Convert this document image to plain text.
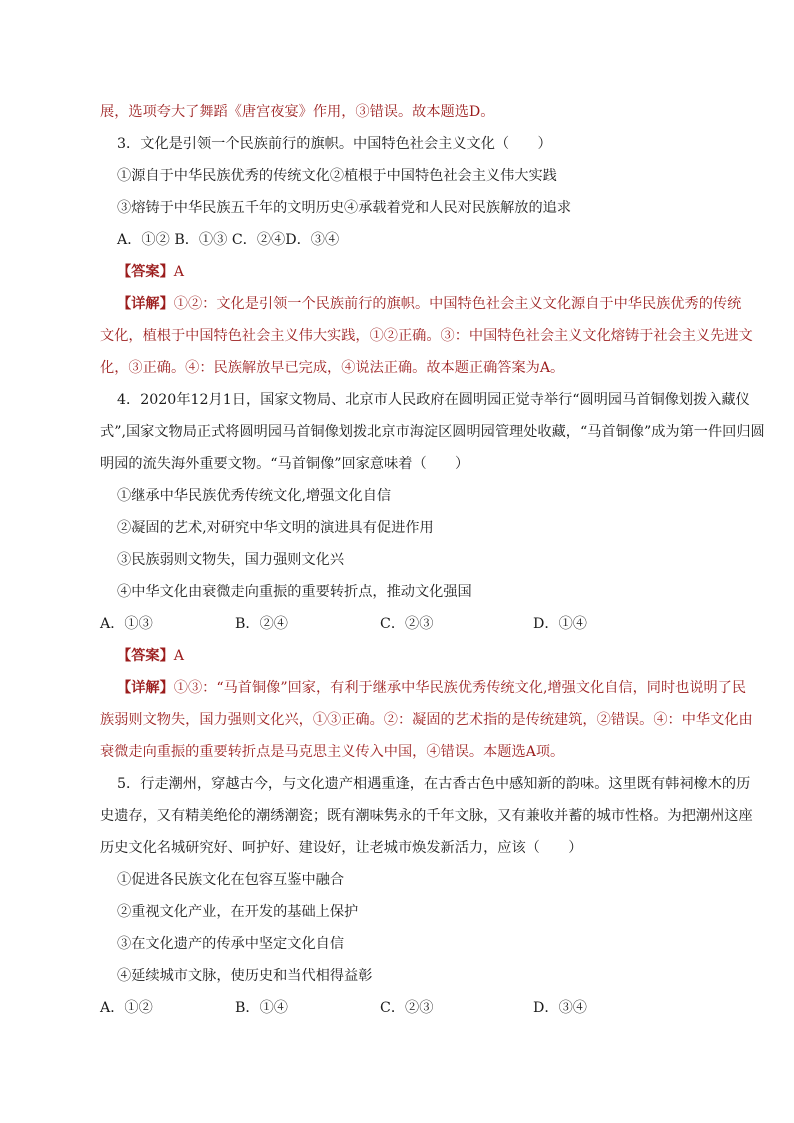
展，选项夸大了舞蹈《唐宫夜宴》作用，③错误。故本题选D。
3．文化是引领一个民族前行的旗帜。中国特色社会主义文化（　　）
①源自于中华民族优秀的传统文化②植根于中国特色社会主义伟大实践
③熔铸于中华民族五千年的文明历史④承载着党和人民对民族解放的追求
A．①② B．①③ C．②④D．③④
【答案】A
【详解】①②：文化是引领一个民族前行的旗帜。中国特色社会主义文化源自于中华民族优秀的传统
文化，植根于中国特色社会主义伟大实践，①②正确。③：中国特色社会主义文化熔铸于社会主义先进文
化，③正确。④：民族解放早已完成，④说法正确。故本题正确答案为A。
4．2020年12月1日，国家文物局、北京市人民政府在圆明园正觉寺举行“圆明园马首铜像划拨入藏仪
式”,国家文物局正式将圆明园马首铜像划拨北京市海淀区圆明园管理处收藏，“马首铜像”成为第一件回归圆
明园的流失海外重要文物。“马首铜像”回家意味着（　　）
①继承中华民族优秀传统文化,增强文化自信
②凝固的艺术,对研究中华文明的演进具有促进作用
③民族弱则文物失，国力强则文化兴
④中华文化由衰微走向重振的重要转折点，推动文化强国
A．①③	B．②④	C．②③	D．①④
【答案】A
【详解】①③：“马首铜像”回家，有利于继承中华民族优秀传统文化,增强文化自信，同时也说明了民
族弱则文物失，国力强则文化兴，①③正确。②：凝固的艺术指的是传统建筑，②错误。④：中华文化由
衰微走向重振的重要转折点是马克思主义传入中国，④错误。本题选A项。
5．行走潮州，穿越古今，与文化遗产相遇重逢，在古香古色中感知新的韵味。这里既有韩祠橡木的历
史遗存，又有精美绝伦的潮绣潮瓷；既有潮味隽永的千年文脉，又有兼收并蓄的城市性格。为把潮州这座
历史文化名城研究好、呵护好、建设好，让老城市焕发新活力，应该（　　）
①促进各民族文化在包容互鉴中融合
②重视文化产业，在开发的基础上保护
③在文化遗产的传承中坚定文化自信
④延续城市文脉，使历史和当代相得益彰
A．①②	B．①④	C．②③	D．③④
